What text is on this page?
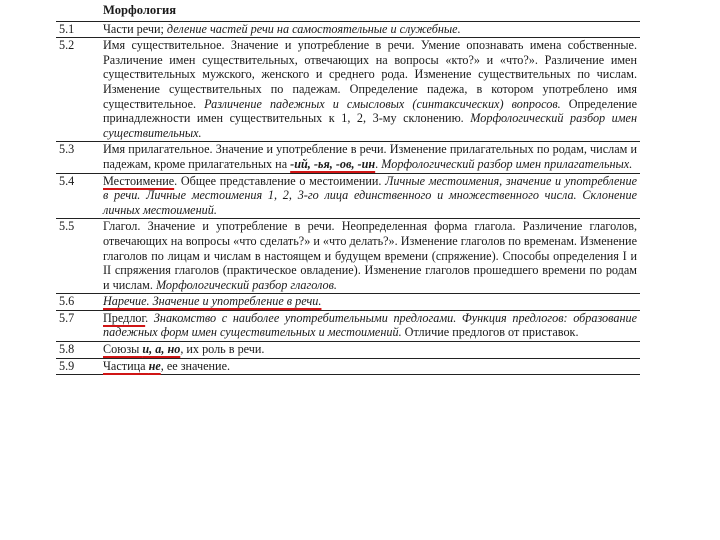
	Морфология
5.1	Части речи; деление частей речи на самостоятельные и служебные.
5.2	Имя существительное. Значение и употребление в речи. Умение опознавать имена собственные. Различение имен существительных, отвечающих на вопросы «кто?» и «что?». Различение имен существительных мужского, женского и среднего рода. Изменение существительных по числам. Изменение существительных по падежам. Определение падежа, в котором употреблено имя существительное. Различение падежных и смысловых (синтаксических) вопросов. Определение принадлежности имен существительных к 1, 2, 3-му склонению. Морфологический разбор имен существительных.
5.3	Имя прилагательное. Значение и употребление в речи. Изменение прилагательных по родам, числам и падежам, кроме прилагательных на -ий, -ья, -ов, -ин. Морфологический разбор имен прилагательных.
5.4	Местоимение. Общее представление о местоимении. Личные местоимения, значение и употребление в речи. Личные местоимения 1, 2, 3-го лица единственного и множественного числа. Склонение личных местоимений.
5.5	Глагол. Значение и употребление в речи. Неопределенная форма глагола. Различение глаголов, отвечающих на вопросы «что сделать?» и «что делать?». Изменение глаголов по временам. Изменение глаголов по лицам и числам в настоящем и будущем времени (спряжение). Способы определения I и II спряжения глаголов (практическое овладение). Изменение глаголов прошедшего времени по родам и числам. Морфологический разбор глаголов.
5.6	Наречие. Значение и употребление в речи.
5.7	Предлог. Знакомство с наиболее употребительными предлогами. Функция предлогов: образование падежных форм имен существительных и местоимений. Отличие предлогов от приставок.
5.8	Союзы и, а, но, их роль в речи.
5.9	Частица не, ее значение.
